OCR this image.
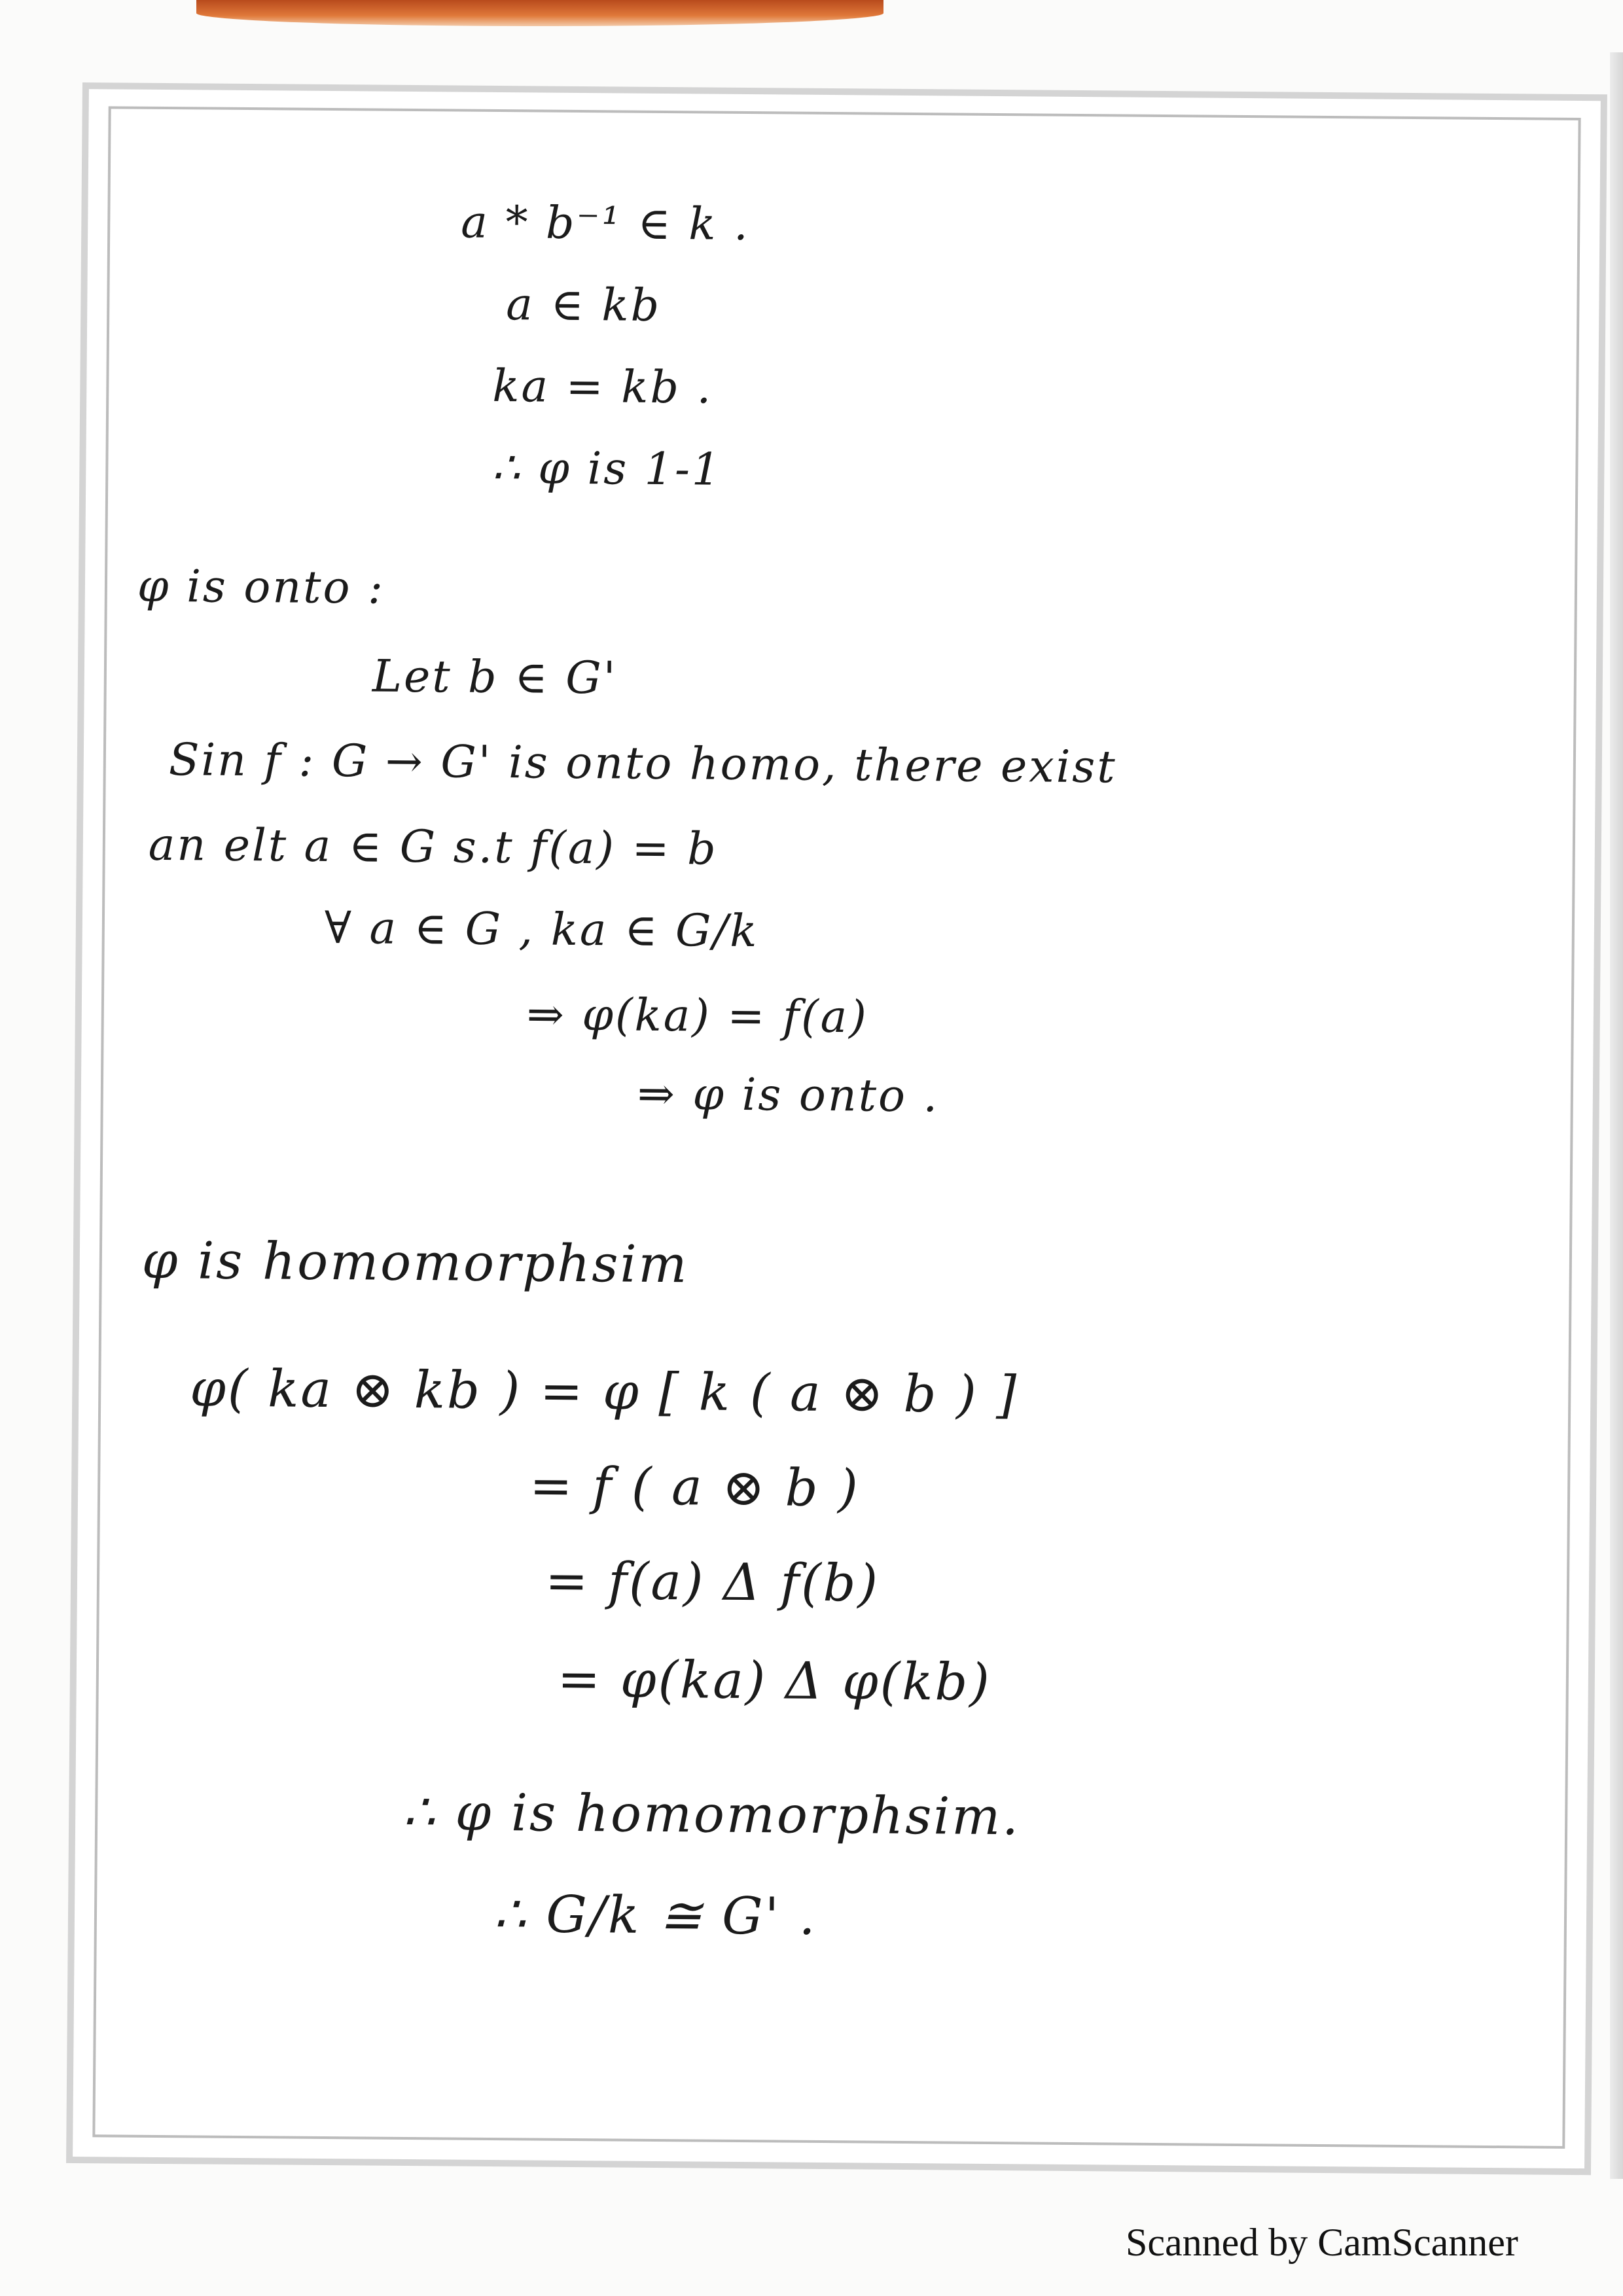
a * b⁻¹ ∈ k .
a ∈ kb
ka = kb .
∴ φ is 1-1
φ is onto :
Let b ∈ G'
Sin f : G → G' is onto homo, there exist
an elt a ∈ G s.t f(a) = b
∀ a ∈ G , ka ∈ G/k
⇒ φ(ka) = f(a)
⇒ φ is onto .
φ is homomorphsim
φ( ka ⊗ kb ) = φ [ k ( a ⊗ b ) ]
= f ( a ⊗ b )
= f(a) Δ f(b)
= φ(ka) Δ φ(kb)
∴ φ is homomorphsim.
∴ G/k ≅ G' .
Scanned by CamScanner
